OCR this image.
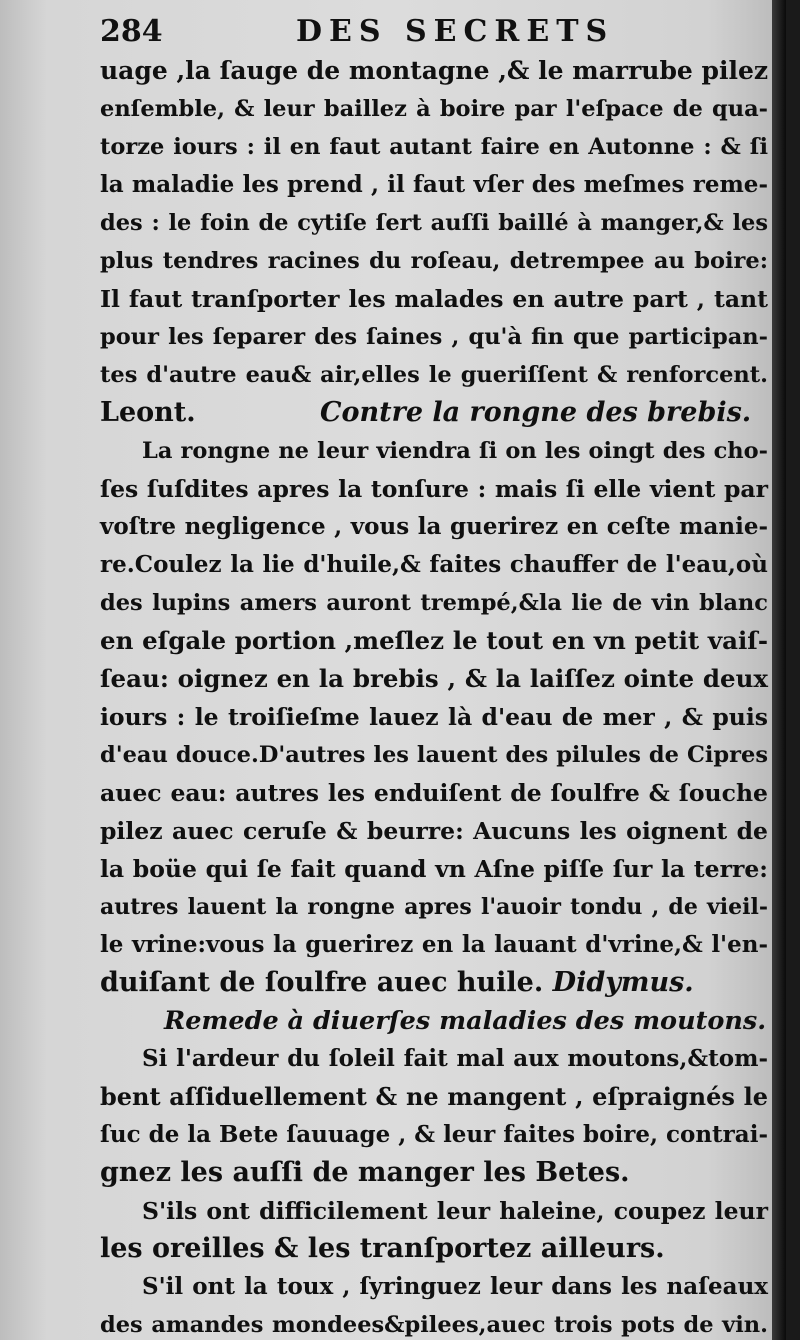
284	DES SECRETS
uage ,la ſauge de montagne ,& le marrube pilez
enſemble, & leur baillez à boire par l'eſpace de qua-
torze iours : il en faut autant faire en Autonne : & ſi
la maladie les prend , il faut vſer des meſmes reme-
des : le foin de cytiſe ſert auſſi baillé à manger,& les
plus tendres racines du roſeau, detrempee au boire:
Il faut tranſporter les malades en autre part , tant
pour les ſeparer des ſaines , qu'à fin que participan-
tes d'autre eau& air,elles le gueriſſent & renforcent.
Leont.	Contre la rongne des brebis.
La rongne ne leur viendra ſi on les oingt des cho-
ſes ſuſdites apres la tonſure : mais ſi elle vient par
voſtre negligence , vous la guerirez en ceſte manie-
re.Coulez la lie d'huile,& faites chauffer de l'eau,où
des lupins amers auront trempé,&la lie de vin blanc
en eſgale portion ,meſlez le tout en vn petit vaiſ-
ſeau: oignez en la brebis , & la laiſſez ointe deux
iours : le troiſieſme lauez là d'eau de mer , & puis
d'eau douce.D'autres les lauent des pilules de Cipres
auec eau: autres les enduiſent de ſoulfre & ſouche
pilez auec ceruſe & beurre: Aucuns les oignent de
la boüe qui ſe fait quand vn Aſne piſſe ſur la terre:
autres lauent la rongne apres l'auoir tondu , de vieil-
le vrine:vous la guerirez en la lauant d'vrine,& l'en-
duiſant de ſoulfre auec huile. Didymus.
Remede à diuerſes maladies des moutons.
Si l'ardeur du ſoleil fait mal aux moutons,&tom-
bent aſſiduellement & ne mangent , eſpraignés le
ſuc de la Bete ſauuage , & leur faites boire, contrai-
gnez les auſſi de manger les Betes.
S'ils ont difficilement leur haleine, coupez leur
les oreilles & les tranſportez ailleurs.
S'il ont la toux , ſyringuez leur dans les naſeaux
des amandes mondees&pilees,auec trois pots de vin.
